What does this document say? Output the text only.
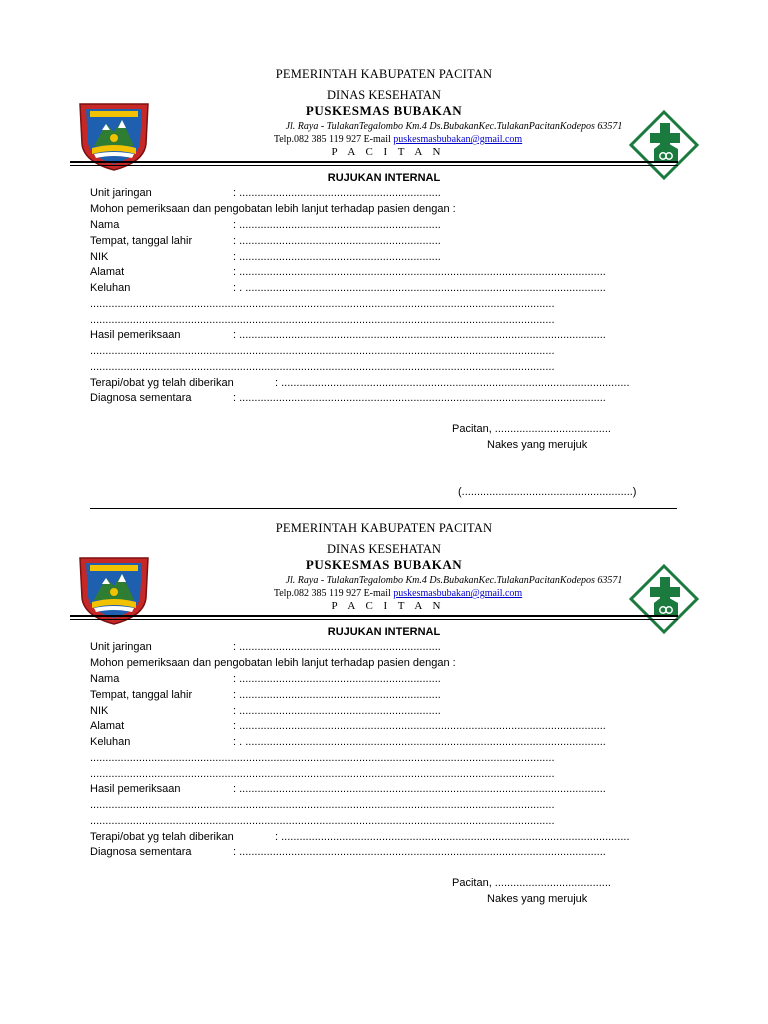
PEMERINTAH KABUPATEN PACITAN
DINAS KESEHATAN
PUSKESMAS BUBAKAN
Jl. Raya - TulakanTegalombo Km.4 Ds.BubakanKec.TulakanPacitanKodepos 63571
Telp.082 385 119 927 E-mail puskesmasbubakan@gmail.com
P A C I T A N
RUJUKAN INTERNAL
Unit jaringan	: ..................................................................
Mohon pemeriksaan dan pengobatan lebih lanjut terhadap pasien dengan :
Nama	: ..................................................................
Tempat, tanggal lahir	: ..................................................................
NIK	: ..................................................................
Alamat	: ........................................................................................................................
Keluhan	: . ......................................................................................................................
........................................................................................................................................................
........................................................................................................................................................
Hasil pemeriksaan	: ........................................................................................................................
........................................................................................................................................................
........................................................................................................................................................
Terapi/obat yg telah diberikan	: ..................................................................................................................
Diagnosa sementara	: ........................................................................................................................
Pacitan, ......................................
Nakes yang merujuk
(........................................................)
PEMERINTAH KABUPATEN PACITAN
DINAS KESEHATAN
PUSKESMAS BUBAKAN
Jl. Raya - TulakanTegalombo Km.4 Ds.BubakanKec.TulakanPacitanKodepos 63571
Telp.082 385 119 927 E-mail puskesmasbubakan@gmail.com
P A C I T A N
RUJUKAN INTERNAL
Unit jaringan	: ..................................................................
Mohon pemeriksaan dan pengobatan lebih lanjut terhadap pasien dengan :
Nama	: ..................................................................
Tempat, tanggal lahir	: ..................................................................
NIK	: ..................................................................
Alamat	: ........................................................................................................................
Keluhan	: . ......................................................................................................................
........................................................................................................................................................
........................................................................................................................................................
Hasil pemeriksaan	: ........................................................................................................................
........................................................................................................................................................
........................................................................................................................................................
Terapi/obat yg telah diberikan	: ..................................................................................................................
Diagnosa sementara	: ........................................................................................................................
Pacitan, ......................................
Nakes yang merujuk
